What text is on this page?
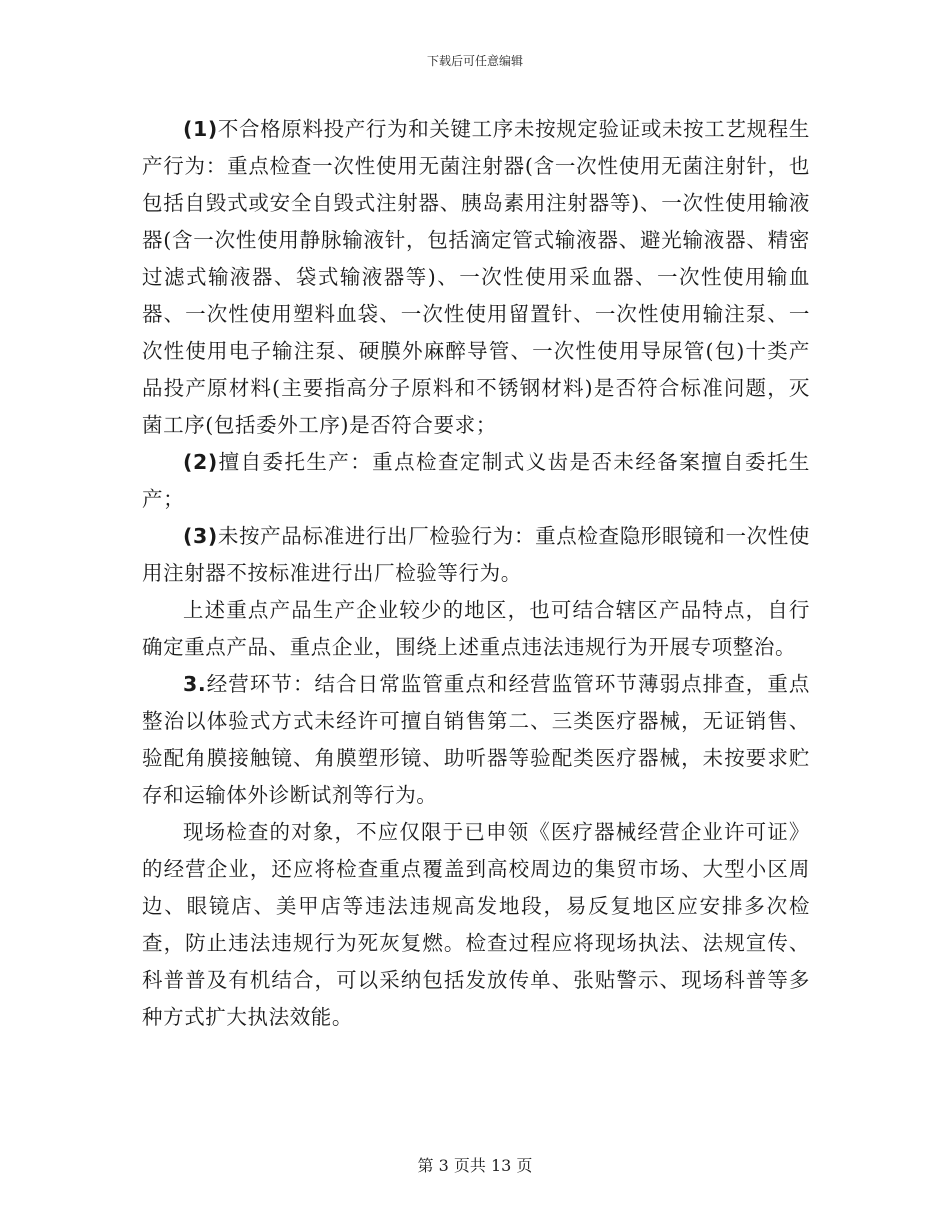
下载后可任意编辑

(1)不合格原料投产行为和关键工序未按规定验证或未按工艺规程生产行为：重点检查一次性使用无菌注射器(含一次性使用无菌注射针，也包括自毁式或安全自毁式注射器、胰岛素用注射器等)、一次性使用输液器(含一次性使用静脉输液针，包括滴定管式输液器、避光输液器、精密过滤式输液器、袋式输液器等)、一次性使用采血器、一次性使用输血器、一次性使用塑料血袋、一次性使用留置针、一次性使用输注泵、一次性使用电子输注泵、硬膜外麻醉导管、一次性使用导尿管(包)十类产品投产原材料(主要指高分子原料和不锈钢材料)是否符合标准问题，灭菌工序(包括委外工序)是否符合要求；

(2)擅自委托生产：重点检查定制式义齿是否未经备案擅自委托生产；

(3)未按产品标准进行出厂检验行为：重点检查隐形眼镜和一次性使用注射器不按标准进行出厂检验等行为。

上述重点产品生产企业较少的地区，也可结合辖区产品特点，自行确定重点产品、重点企业，围绕上述重点违法违规行为开展专项整治。

3.经营环节：结合日常监管重点和经营监管环节薄弱点排查，重点整治以体验式方式未经许可擅自销售第二、三类医疗器械，无证销售、验配角膜接触镜、角膜塑形镜、助听器等验配类医疗器械，未按要求贮存和运输体外诊断试剂等行为。

现场检查的对象，不应仅限于已申领《医疗器械经营企业许可证》的经营企业，还应将检查重点覆盖到高校周边的集贸市场、大型小区周边、眼镜店、美甲店等违法违规高发地段，易反复地区应安排多次检查，防止违法违规行为死灰复燃。检查过程应将现场执法、法规宣传、科普普及有机结合，可以采纳包括发放传单、张贴警示、现场科普等多种方式扩大执法效能。

第 3 页共 13 页
